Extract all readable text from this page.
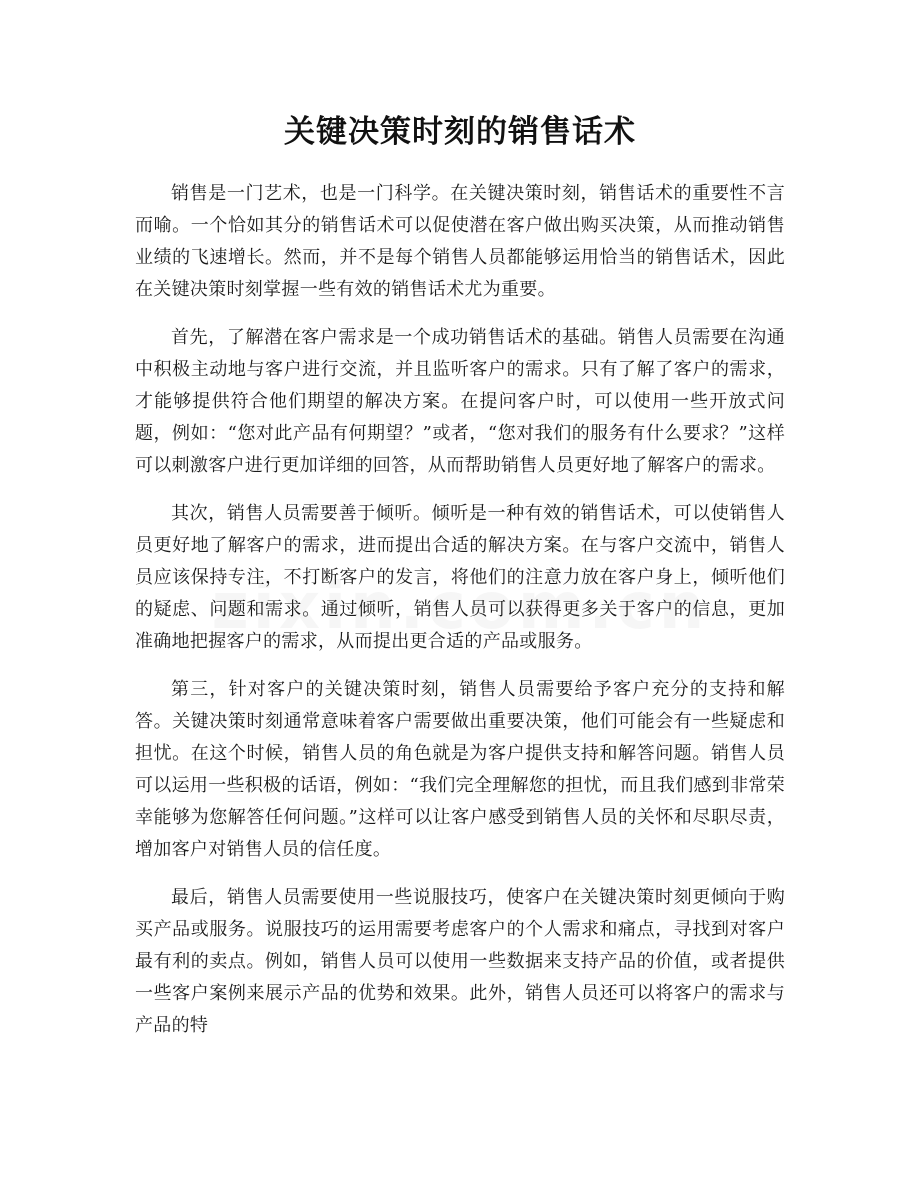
关键决策时刻的销售话术

销售是一门艺术，也是一门科学。在关键决策时刻，销售话术的重要性不言而喻。一个恰如其分的销售话术可以促使潜在客户做出购买决策，从而推动销售业绩的飞速增长。然而，并不是每个销售人员都能够运用恰当的销售话术，因此在关键决策时刻掌握一些有效的销售话术尤为重要。

首先，了解潜在客户需求是一个成功销售话术的基础。销售人员需要在沟通中积极主动地与客户进行交流，并且监听客户的需求。只有了解了客户的需求，才能够提供符合他们期望的解决方案。在提问客户时，可以使用一些开放式问题，例如：“您对此产品有何期望？”或者，“您对我们的服务有什么要求？”这样可以刺激客户进行更加详细的回答，从而帮助销售人员更好地了解客户的需求。

其次，销售人员需要善于倾听。倾听是一种有效的销售话术，可以使销售人员更好地了解客户的需求，进而提出合适的解决方案。在与客户交流中，销售人员应该保持专注，不打断客户的发言，将他们的注意力放在客户身上，倾听他们的疑虑、问题和需求。通过倾听，销售人员可以获得更多关于客户的信息，更加准确地把握客户的需求，从而提出更合适的产品或服务。

第三，针对客户的关键决策时刻，销售人员需要给予客户充分的支持和解答。关键决策时刻通常意味着客户需要做出重要决策，他们可能会有一些疑虑和担忧。在这个时候，销售人员的角色就是为客户提供支持和解答问题。销售人员可以运用一些积极的话语，例如：“我们完全理解您的担忧，而且我们感到非常荣幸能够为您解答任何问题。”这样可以让客户感受到销售人员的关怀和尽职尽责，增加客户对销售人员的信任度。

最后，销售人员需要使用一些说服技巧，使客户在关键决策时刻更倾向于购买产品或服务。说服技巧的运用需要考虑客户的个人需求和痛点，寻找到对客户最有利的卖点。例如，销售人员可以使用一些数据来支持产品的价值，或者提供一些客户案例来展示产品的优势和效果。此外，销售人员还可以将客户的需求与产品的特
